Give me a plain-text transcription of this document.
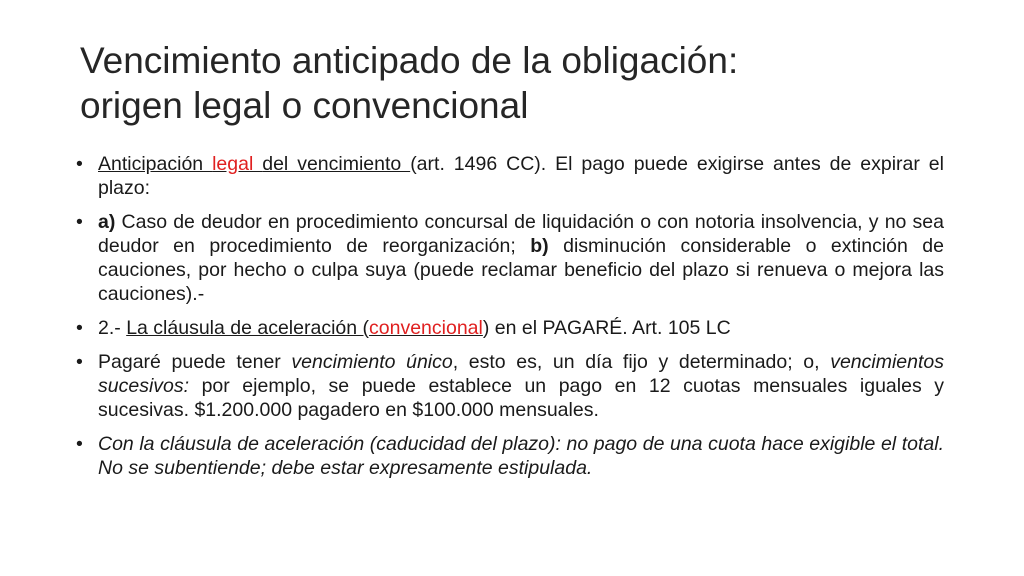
Vencimiento anticipado de la obligación:
origen legal o convencional
• Anticipación legal del vencimiento (art. 1496 CC). El pago puede exigirse antes de expirar el plazo:
• a) Caso de deudor en procedimiento concursal de liquidación o con notoria insolvencia, y no sea deudor en procedimiento de reorganización; b) disminución considerable o extinción de cauciones, por hecho o culpa suya (puede reclamar beneficio del plazo si renueva o mejora las cauciones).-
• 2.- La cláusula de aceleración (convencional) en el PAGARÉ. Art. 105 LC
• Pagaré puede tener vencimiento único, esto es, un día fijo y determinado; o, vencimientos sucesivos: por ejemplo, se puede establece un pago en 12 cuotas mensuales iguales y sucesivas. $1.200.000 pagadero en $100.000 mensuales.
• Con la cláusula de aceleración (caducidad del plazo): no pago de una cuota hace exigible el total. No se subentiende; debe estar expresamente estipulada.
